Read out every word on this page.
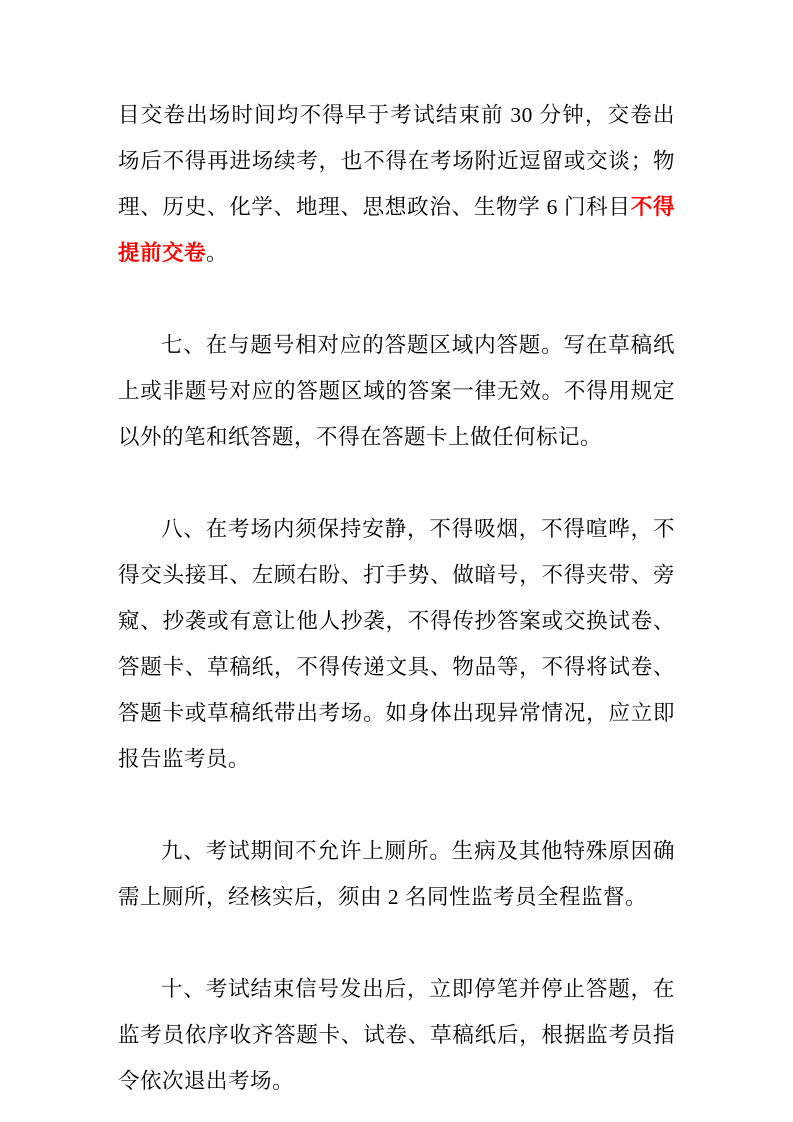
目交卷出场时间均不得早于考试结束前 30 分钟，交卷出场后不得再进场续考，也不得在考场附近逗留或交谈；物理、历史、化学、地理、思想政治、生物学 6 门科目不得提前交卷。

七、在与题号相对应的答题区域内答题。写在草稿纸上或非题号对应的答题区域的答案一律无效。不得用规定以外的笔和纸答题，不得在答题卡上做任何标记。

八、在考场内须保持安静，不得吸烟，不得喧哗，不得交头接耳、左顾右盼、打手势、做暗号，不得夹带、旁窥、抄袭或有意让他人抄袭，不得传抄答案或交换试卷、答题卡、草稿纸，不得传递文具、物品等，不得将试卷、答题卡或草稿纸带出考场。如身体出现异常情况，应立即报告监考员。

九、考试期间不允许上厕所。生病及其他特殊原因确需上厕所，经核实后，须由 2 名同性监考员全程监督。

十、考试结束信号发出后，立即停笔并停止答题，在监考员依序收齐答题卡、试卷、草稿纸后，根据监考员指令依次退出考场。
